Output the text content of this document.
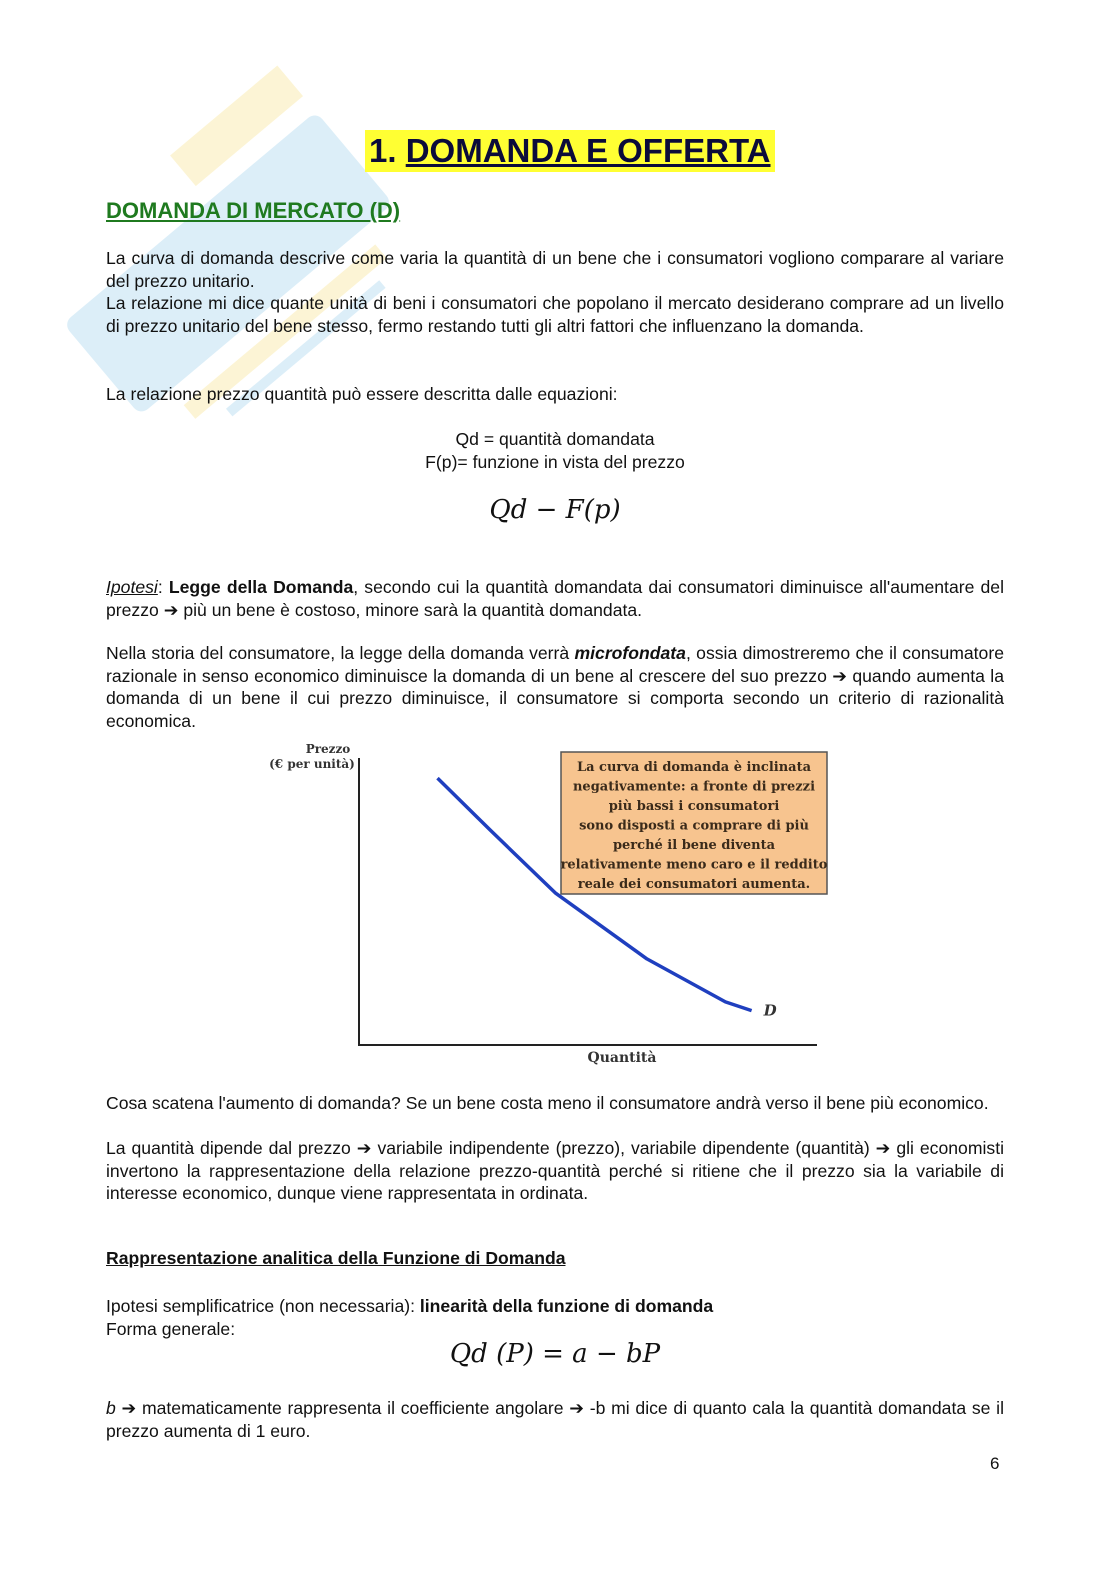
1. DOMANDA E OFFERTA
DOMANDA DI MERCATO (D)

La curva di domanda descrive come varia la quantità di un bene che i consumatori vogliono comparare al variare del prezzo unitario.

La relazione mi dice quante unità di beni i consumatori che popolano il mercato desiderano comprare ad un livello di prezzo unitario del bene stesso, fermo restando tutti gli altri fattori che influenzano la domanda.

La relazione prezzo quantità può essere descritta dalle equazioni:

Qd = quantità domandata

F(p)= funzione in vista del prezzo

Qd − F(p)

Ipotesi: Legge della Domanda, secondo cui la quantità domandata dai consumatori diminuisce all'aumentare del prezzo ➔ più un bene è costoso, minore sarà la quantità domandata.

Nella storia del consumatore, la legge della domanda verrà microfondata, ossia dimostreremo che il consumatore razionale in senso economico diminuisce la domanda di un bene al crescere del suo prezzo ➔ quando aumenta la domanda di un bene il cui prezzo diminuisce, il consumatore si comporta secondo un criterio di razionalità economica.

Prezzo
(€ per unità)
Quantità
D
La curva di domanda è inclinata
negativamente: a fronte di prezzi
più bassi i consumatori
sono disposti a comprare di più
perché il bene diventa
relativamente meno caro e il reddito
reale dei consumatori aumenta.

Cosa scatena l'aumento di domanda? Se un bene costa meno il consumatore andrà verso il bene più economico.

La quantità dipende dal prezzo ➔ variabile indipendente (prezzo), variabile dipendente (quantità) ➔ gli economisti invertono la rappresentazione della relazione prezzo-quantità perché si ritiene che il prezzo sia la variabile di interesse economico, dunque viene rappresentata in ordinata.

Rappresentazione analitica della Funzione di Domanda

Ipotesi semplificatrice (non necessaria): linearità della funzione di domanda

Forma generale:

Qd (P) = a − bP

b ➔ matematicamente rappresenta il coefficiente angolare ➔ -b mi dice di quanto cala la quantità domandata se il prezzo aumenta di 1 euro.

6
